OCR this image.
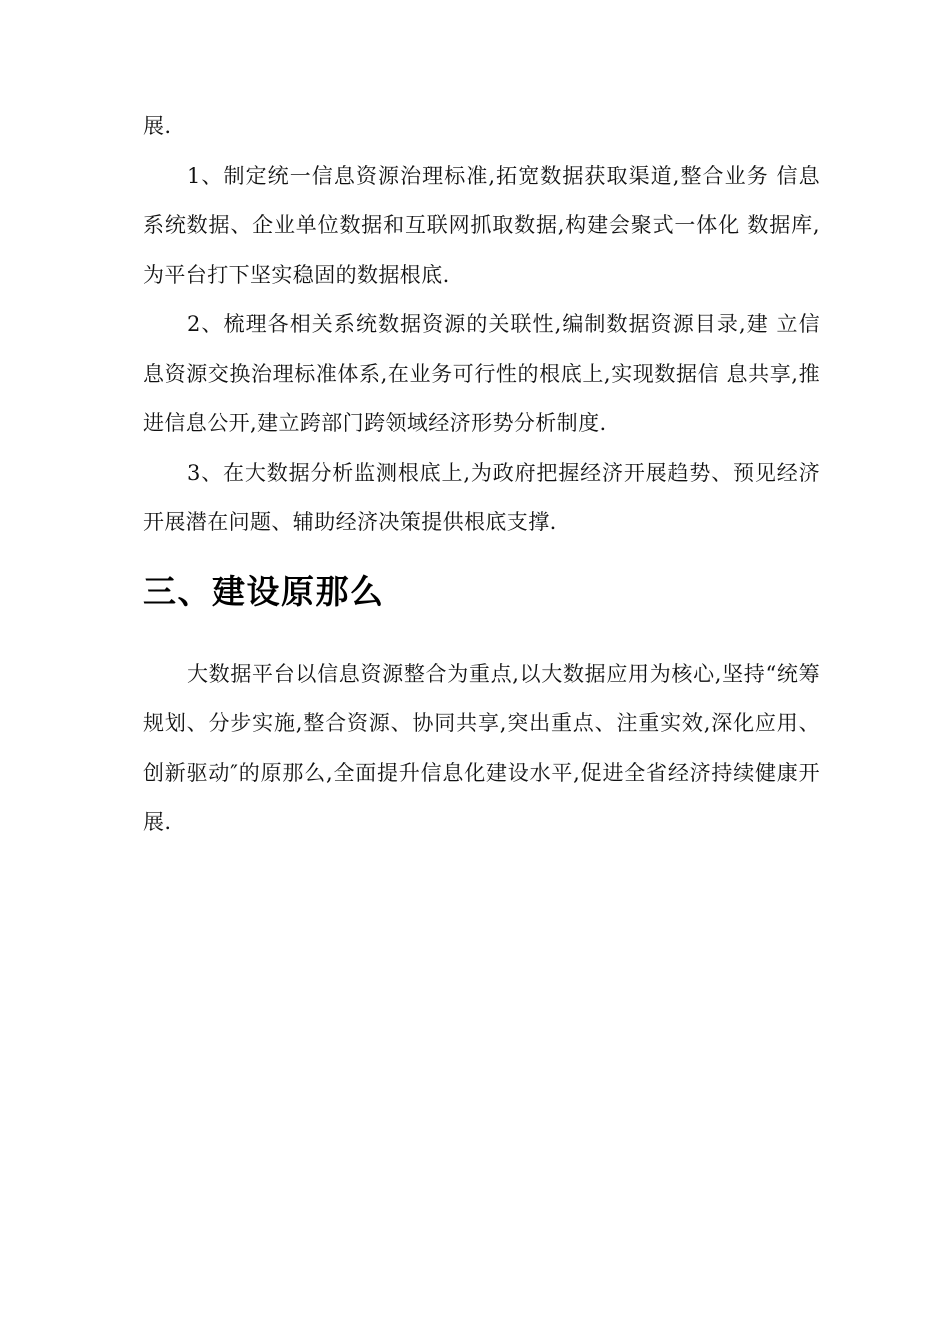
展.

1、制定统一信息资源治理标准,拓宽数据获取渠道,整合业务 信息系统数据、企业单位数据和互联网抓取数据,构建会聚式一体化 数据库,为平台打下坚实稳固的数据根底.

2、梳理各相关系统数据资源的关联性,编制数据资源目录,建 立信息资源交换治理标准体系,在业务可行性的根底上,实现数据信 息共享,推进信息公开,建立跨部门跨领域经济形势分析制度.

3、在大数据分析监测根底上,为政府把握经济开展趋势、预见经济开展潜在问题、辅助经济决策提供根底支撑.

三、建设原那么

大数据平台以信息资源整合为重点,以大数据应用为核心,坚持“统筹规划、分步实施,整合资源、协同共享,突出重点、注重实效,深化应用、创新驱动″的原那么,全面提升信息化建设水平,促进全省经济持续健康开展.
